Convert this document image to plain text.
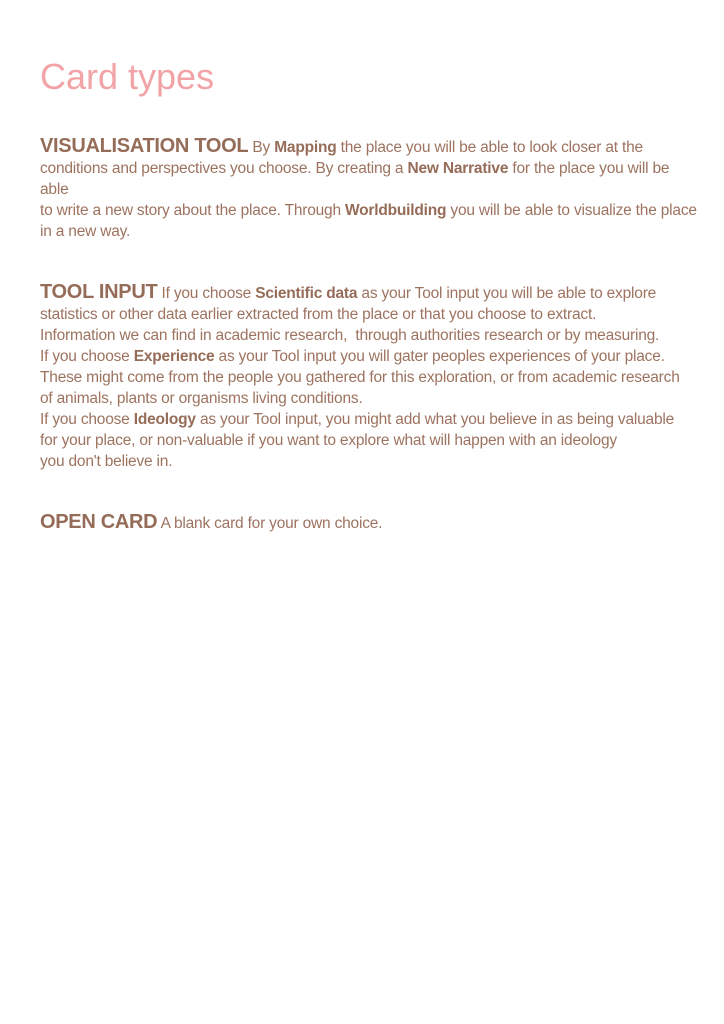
Card types

VISUALISATION TOOL By Mapping the place you will be able to look closer at the
conditions and perspectives you choose. By creating a New Narrative for the place you will be able
to write a new story about the place. Through Worldbuilding you will be able to visualize the place
in a new way.

TOOL INPUT If you choose Scientific data as your Tool input you will be able to explore
statistics or other data earlier extracted from the place or that you choose to extract.
Information we can find in academic research,  through authorities research or by measuring.
If you choose Experience as your Tool input you will gater peoples experiences of your place.
These might come from the people you gathered for this exploration, or from academic research
of animals, plants or organisms living conditions.
If you choose Ideology as your Tool input, you might add what you believe in as being valuable
for your place, or non-valuable if you want to explore what will happen with an ideology
you don't believe in.

OPEN CARD A blank card for your own choice.
